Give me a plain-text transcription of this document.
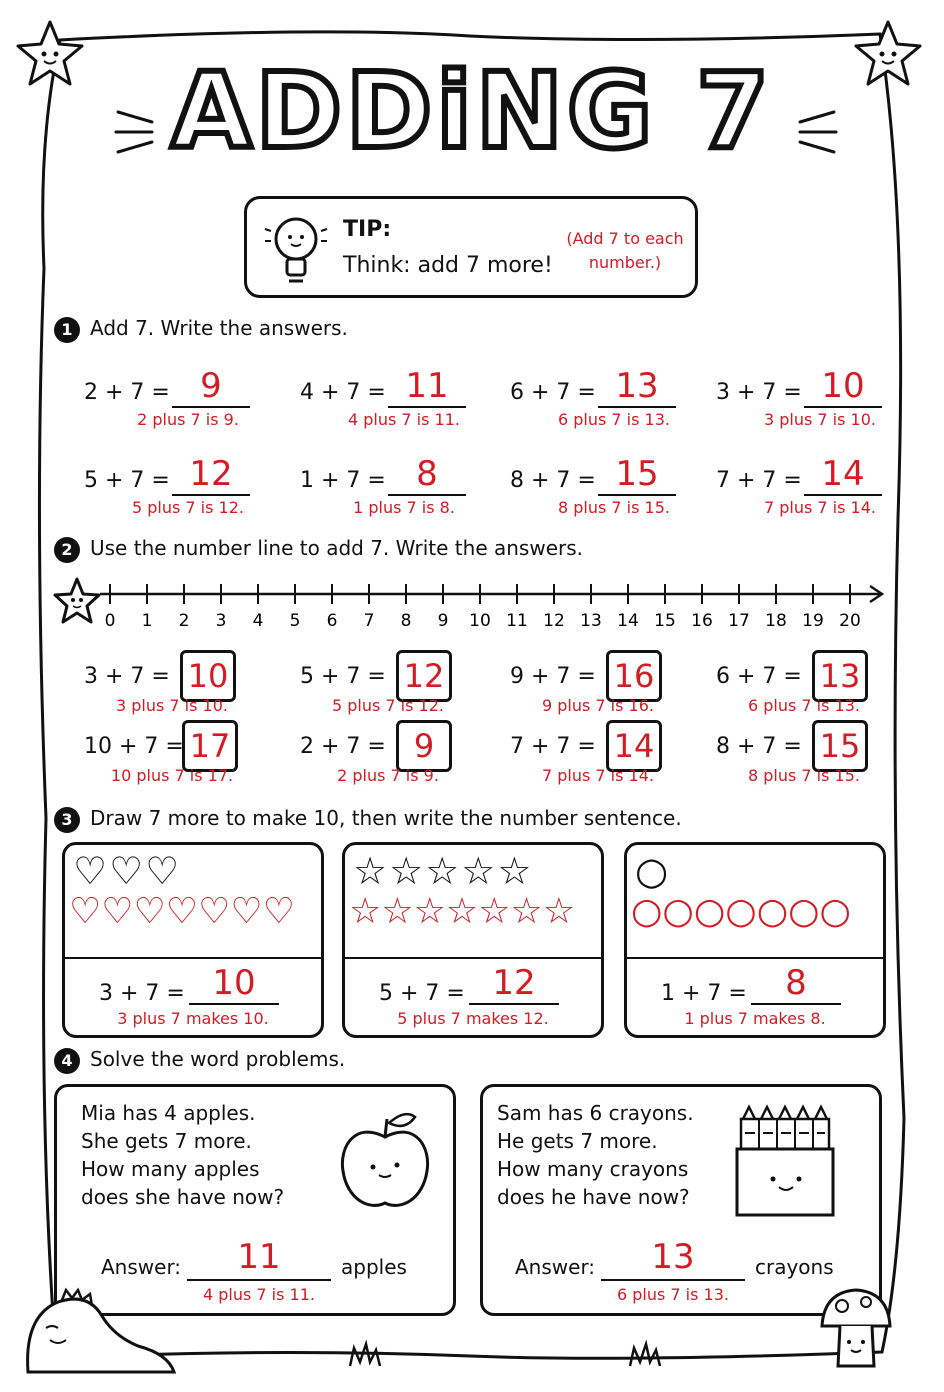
ADDiNG 7
TIP:
Think: add 7 more!
(Add 7 to each number.)
1 Add 7. Write the answers.
2 + 7 = 9
2 plus 7 is 9.
4 + 7 = 11
4 plus 7 is 11.
6 + 7 = 13
6 plus 7 is 13.
3 + 7 = 10
3 plus 7 is 10.
5 + 7 = 12
5 plus 7 is 12.
1 + 7 = 8
1 plus 7 is 8.
8 + 7 = 15
8 plus 7 is 15.
7 + 7 = 14
7 plus 7 is 14.
2 Use the number line to add 7. Write the answers.
0 1 2 3 4 5 6 7 8 9 10 11 12 13 14 15 16 17 18 19 20
3 + 7 = 10
3 plus 7 is 10.
5 + 7 = 12
5 plus 7 is 12.
9 + 7 = 16
9 plus 7 is 16.
6 + 7 = 13
6 plus 7 is 13.
10 + 7 = 17
10 plus 7 is 17.
2 + 7 = 9
2 plus 7 is 9.
7 + 7 = 14
7 plus 7 is 14.
8 + 7 = 15
8 plus 7 is 15.
3 Draw 7 more to make 10, then write the number sentence.
♡ ♡ ♡
♡ ♡ ♡ ♡ ♡ ♡ ♡
3 + 7 = 10
3 plus 7 makes 10.
☆ ☆ ☆ ☆ ☆
☆ ☆ ☆ ☆ ☆ ☆ ☆
5 + 7 = 12
5 plus 7 makes 12.
○
○ ○ ○ ○ ○ ○ ○
1 + 7 =	8
1 plus 7 makes 8.
4 Solve the word problems.
Mia has 4 apples.
She gets 7 more.
How many apples
does she have now?
Answer:	11	apples
4 plus 7 is 11.
Sam has 6 crayons.
He gets 7 more.
How many crayons
does he have now?
Answer:	13	crayons
6 plus 7 is 13.
